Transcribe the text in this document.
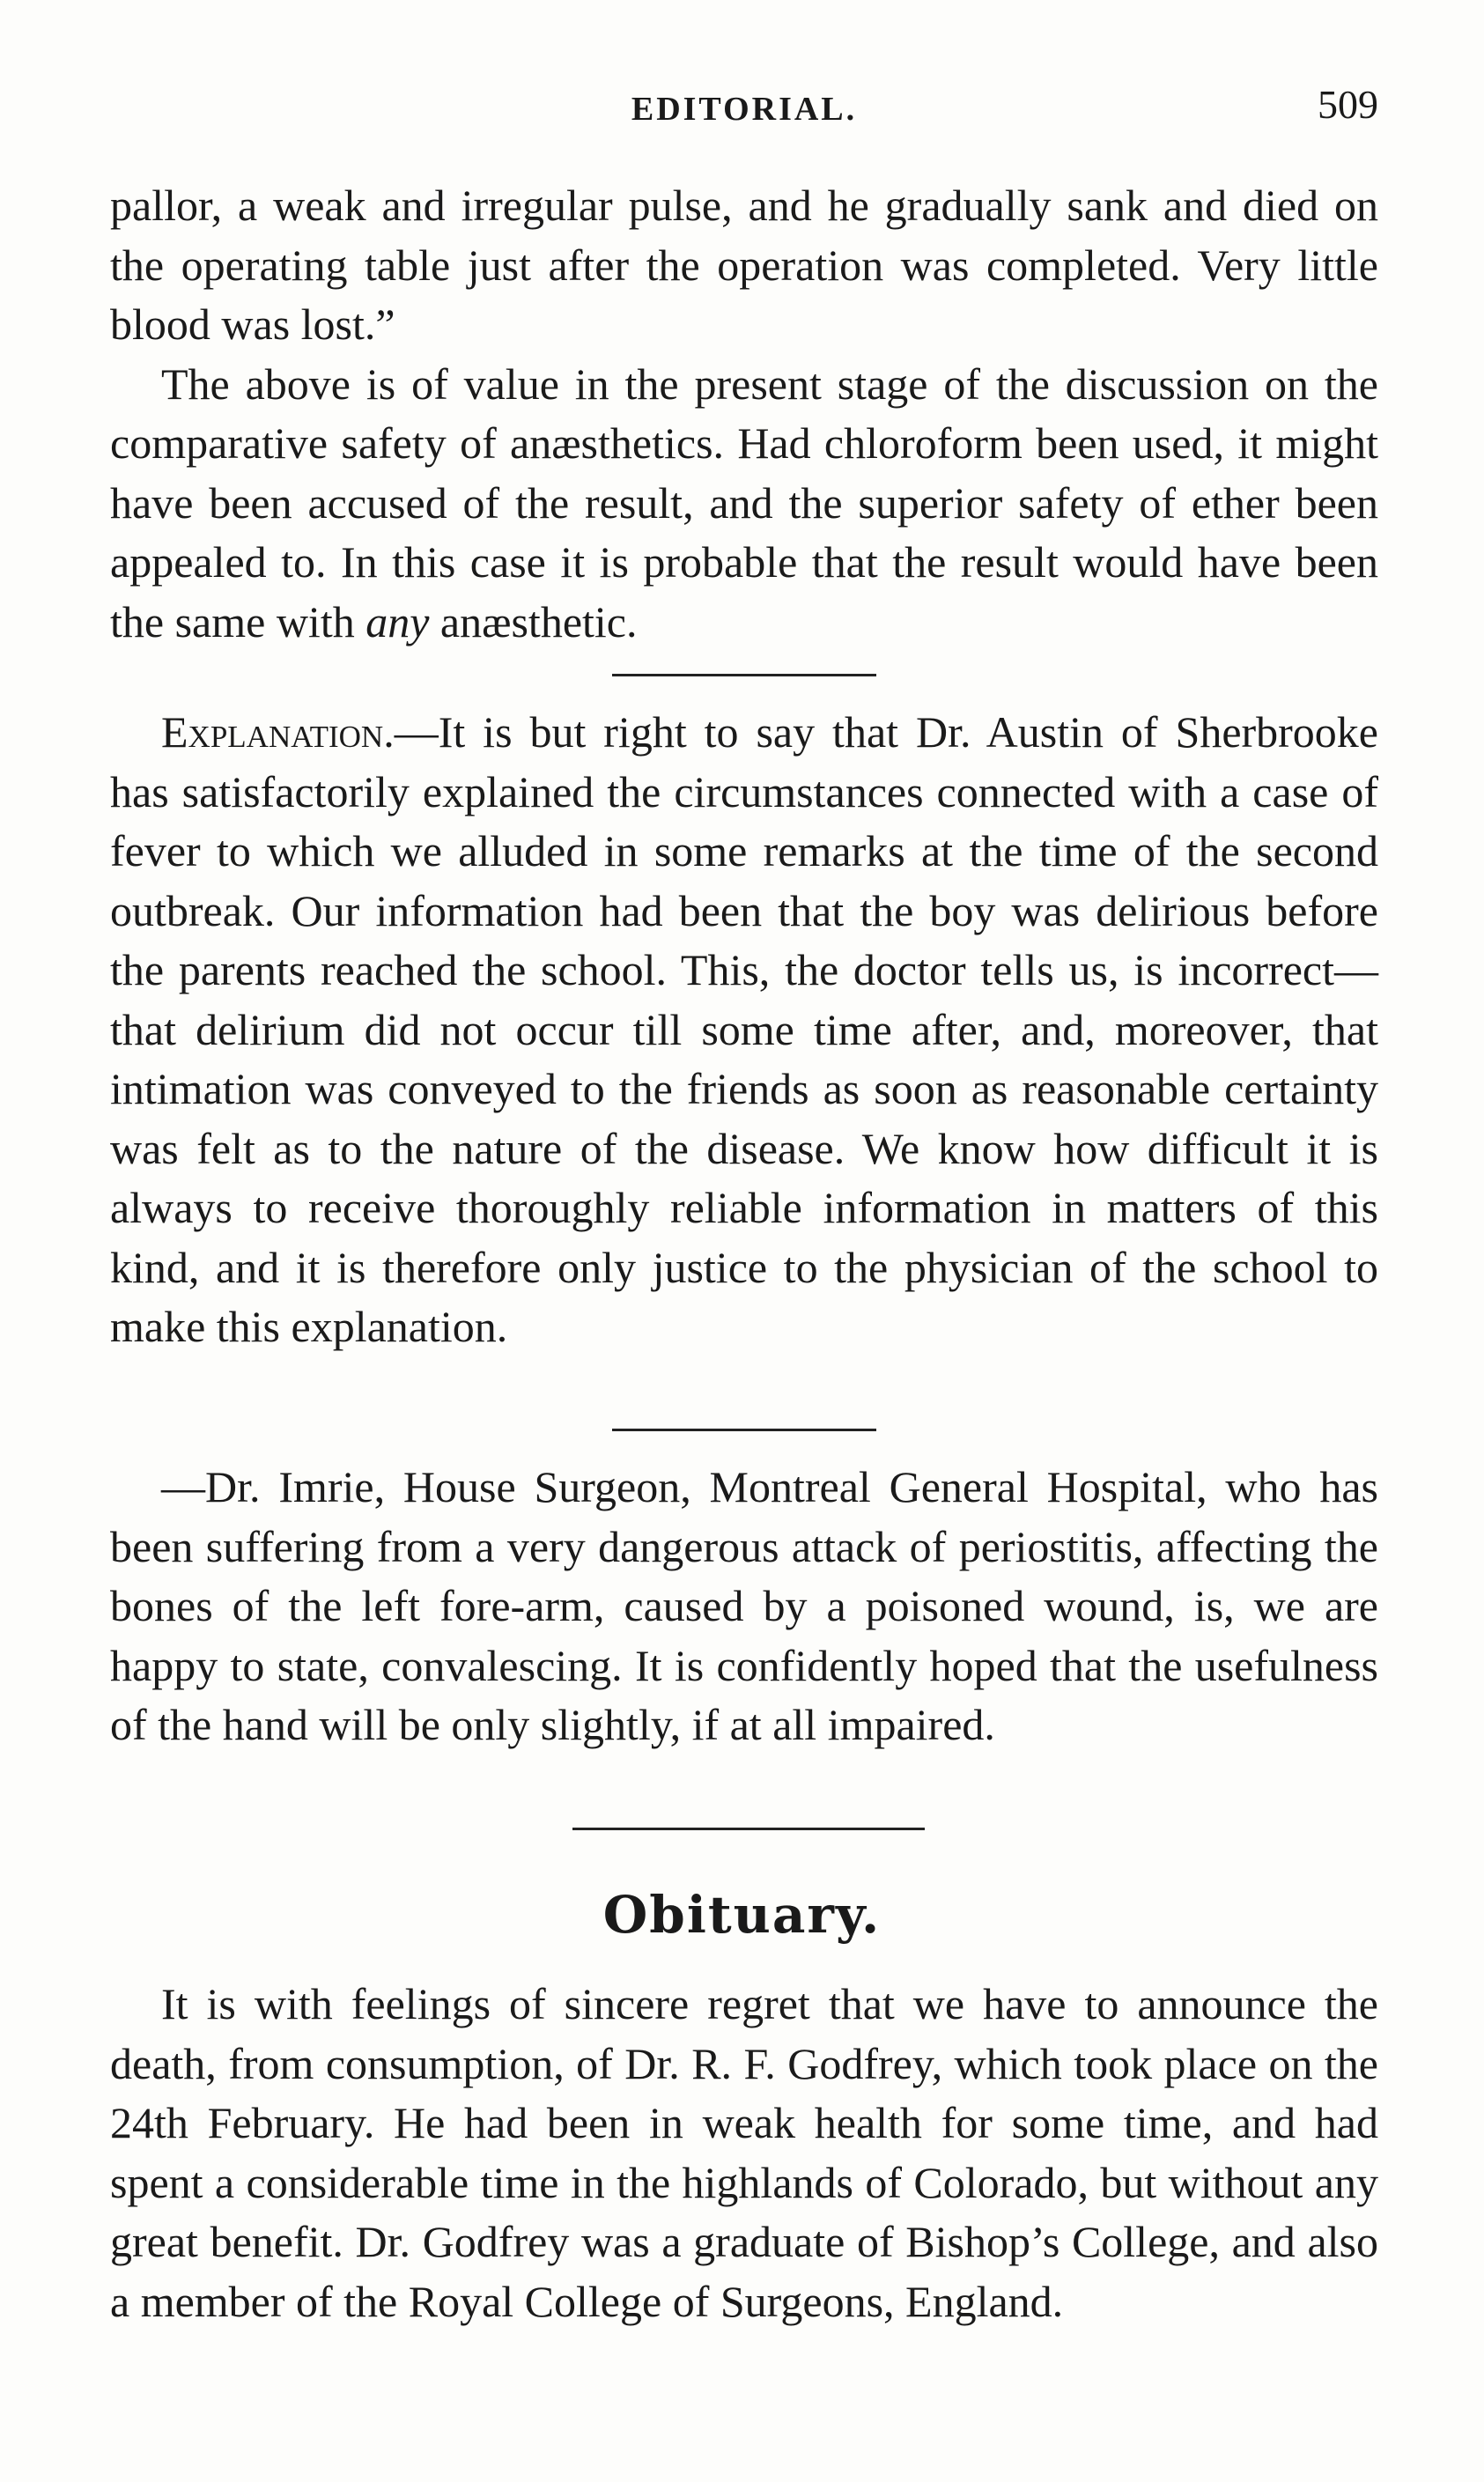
EDITORIAL.	509

pallor, a weak and irregular pulse, and he gradually sank and died on the operating table just after the operation was completed. Very little blood was lost.”

The above is of value in the present stage of the discussion on the comparative safety of anæsthetics. Had chloroform been used, it might have been accused of the result, and the superior safety of ether been appealed to. In this case it is probable that the result would have been the same with any anæsthetic.

Explanation.—It is but right to say that Dr. Austin of Sherbrooke has satisfactorily explained the circumstances connected with a case of fever to which we alluded in some remarks at the time of the second outbreak. Our information had been that the boy was delirious before the parents reached the school. This, the doctor tells us, is incorrect—that delirium did not occur till some time after, and, moreover, that intimation was conveyed to the friends as soon as reasonable certainty was felt as to the nature of the disease. We know how difficult it is always to receive thoroughly reliable information in matters of this kind, and it is therefore only justice to the physician of the school to make this explanation.

—Dr. Imrie, House Surgeon, Montreal General Hospital, who has been suffering from a very dangerous attack of periostitis, affecting the bones of the left fore-arm, caused by a poisoned wound, is, we are happy to state, convalescing. It is confidently hoped that the usefulness of the hand will be only slightly, if at all impaired.

Obituary.

It is with feelings of sincere regret that we have to announce the death, from consumption, of Dr. R. F. Godfrey, which took place on the 24th February. He had been in weak health for some time, and had spent a considerable time in the highlands of Colorado, but without any great benefit. Dr. Godfrey was a graduate of Bishop’s College, and also a member of the Royal College of Surgeons, England.
